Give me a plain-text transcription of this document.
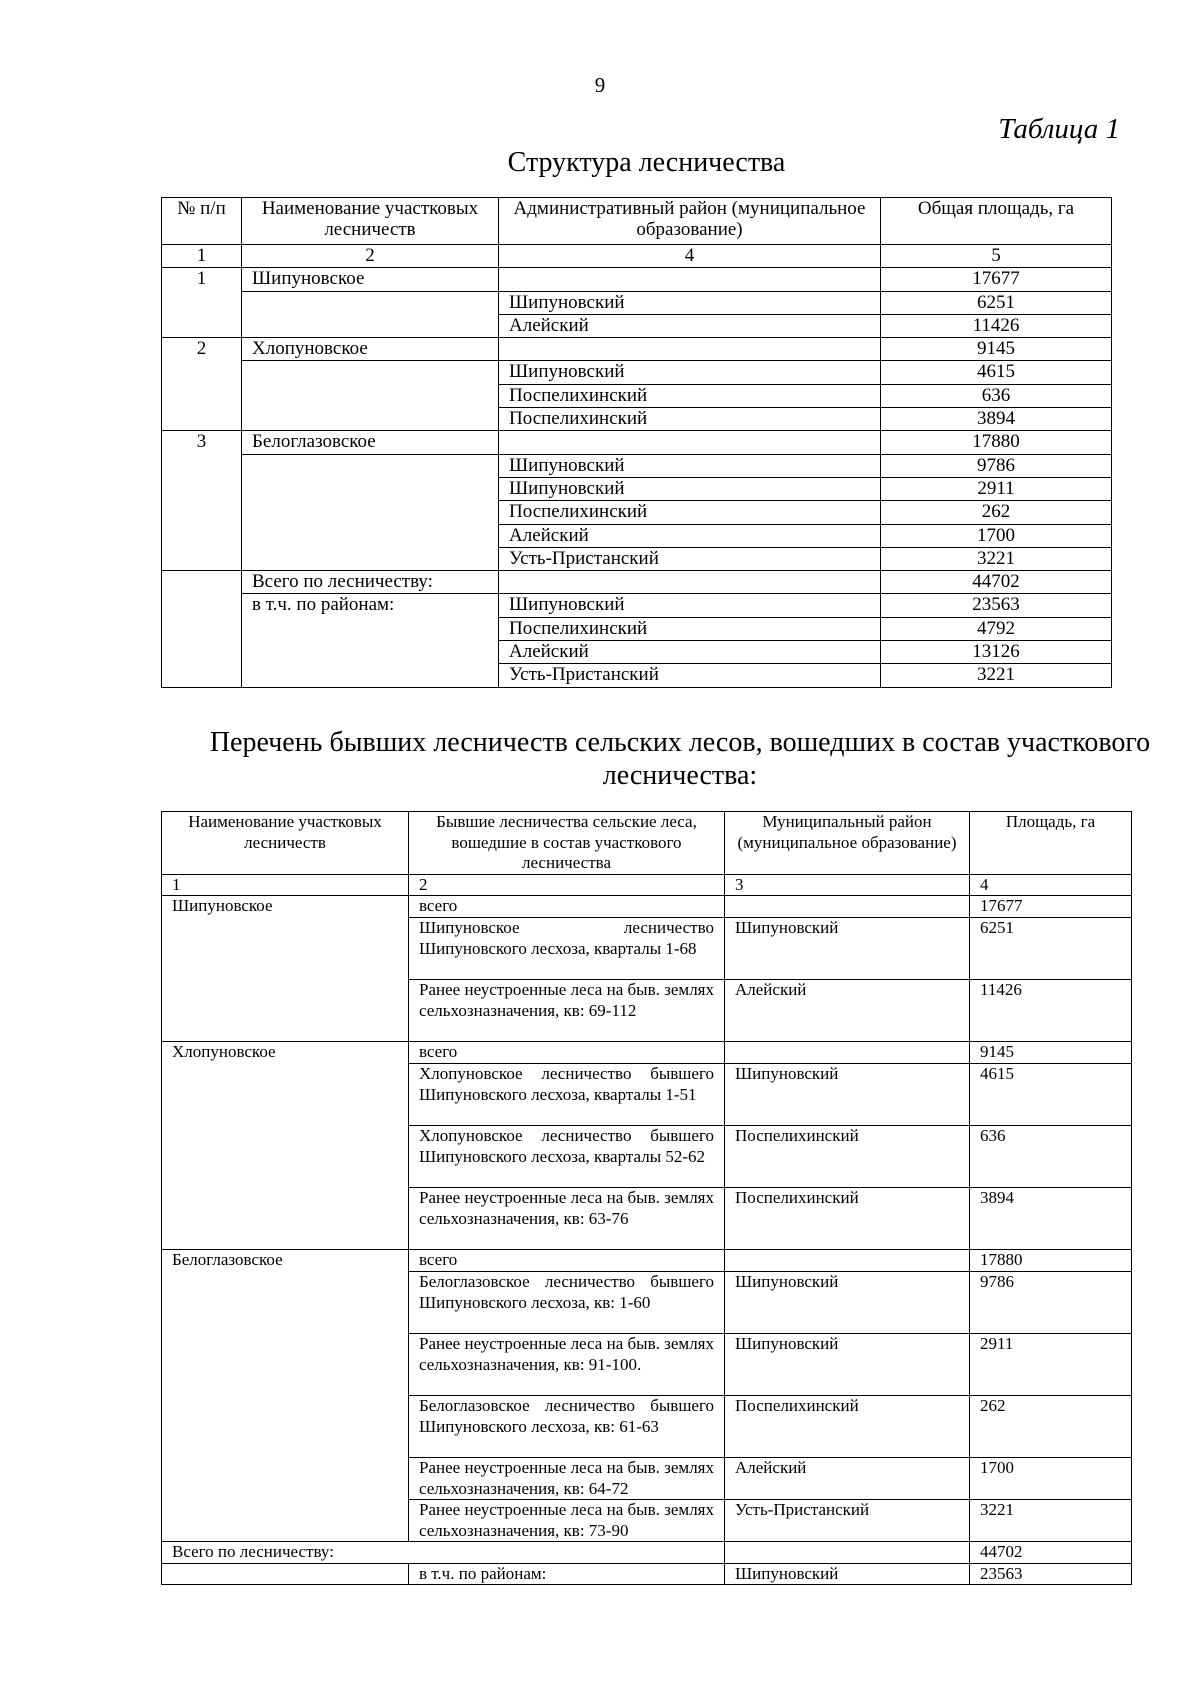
9
Таблица 1
Структура лесничества
№ п/п	Наименование участковых лесничеств	Административный район (муниципальное образование)	Общая площадь, га
1	2	4	5
1	Шипуновское		17677
		Шипуновский	6251
		Алейский	11426
2	Хлопуновское		9145
		Шипуновский	4615
		Поспелихинский	636
		Поспелихинский	3894
3	Белоглазовское		17880
		Шипуновский	9786
		Шипуновский	2911
		Поспелихинский	262
		Алейский	1700
		Усть-Пристанский	3221
	Всего по лесничеству:		44702
	в т.ч. по районам:	Шипуновский	23563
		Поспелихинский	4792
		Алейский	13126
		Усть-Пристанский	3221
Перечень бывших лесничеств сельских лесов, вошедших в состав участкового лесничества:
Наименование участковых лесничеств	Бывшие лесничества сельские леса, вошедшие в состав участкового лесничества	Муниципальный район (муниципальное образование)	Площадь, га
1	2	3	4
Шипуновское	всего		17677
	Шипуновское лесничество Шипуновского лесхоза, кварталы 1-68	Шипуновский	6251
	Ранее неустроенные леса на быв. землях сельхозназначения, кв: 69-112	Алейский	11426
Хлопуновское	всего		9145
	Хлопуновское лесничество бывшего Шипуновского лесхоза, кварталы 1-51	Шипуновский	4615
	Хлопуновское лесничество бывшего Шипуновского лесхоза, кварталы 52-62	Поспелихинский	636
	Ранее неустроенные леса на быв. землях сельхозназначения, кв: 63-76	Поспелихинский	3894
Белоглазовское	всего		17880
	Белоглазовское лесничество бывшего Шипуновского лесхоза, кв: 1-60	Шипуновский	9786
	Ранее неустроенные леса на быв. землях сельхозназначения, кв: 91-100.	Шипуновский	2911
	Белоглазовское лесничество бывшего Шипуновского лесхоза, кв: 61-63	Поспелихинский	262
	Ранее неустроенные леса на быв. землях сельхозназначения, кв: 64-72	Алейский	1700
	Ранее неустроенные леса на быв. землях сельхозназначения, кв: 73-90	Усть-Пристанский	3221
Всего по лесничеству:			44702
	в т.ч. по районам:	Шипуновский	23563
